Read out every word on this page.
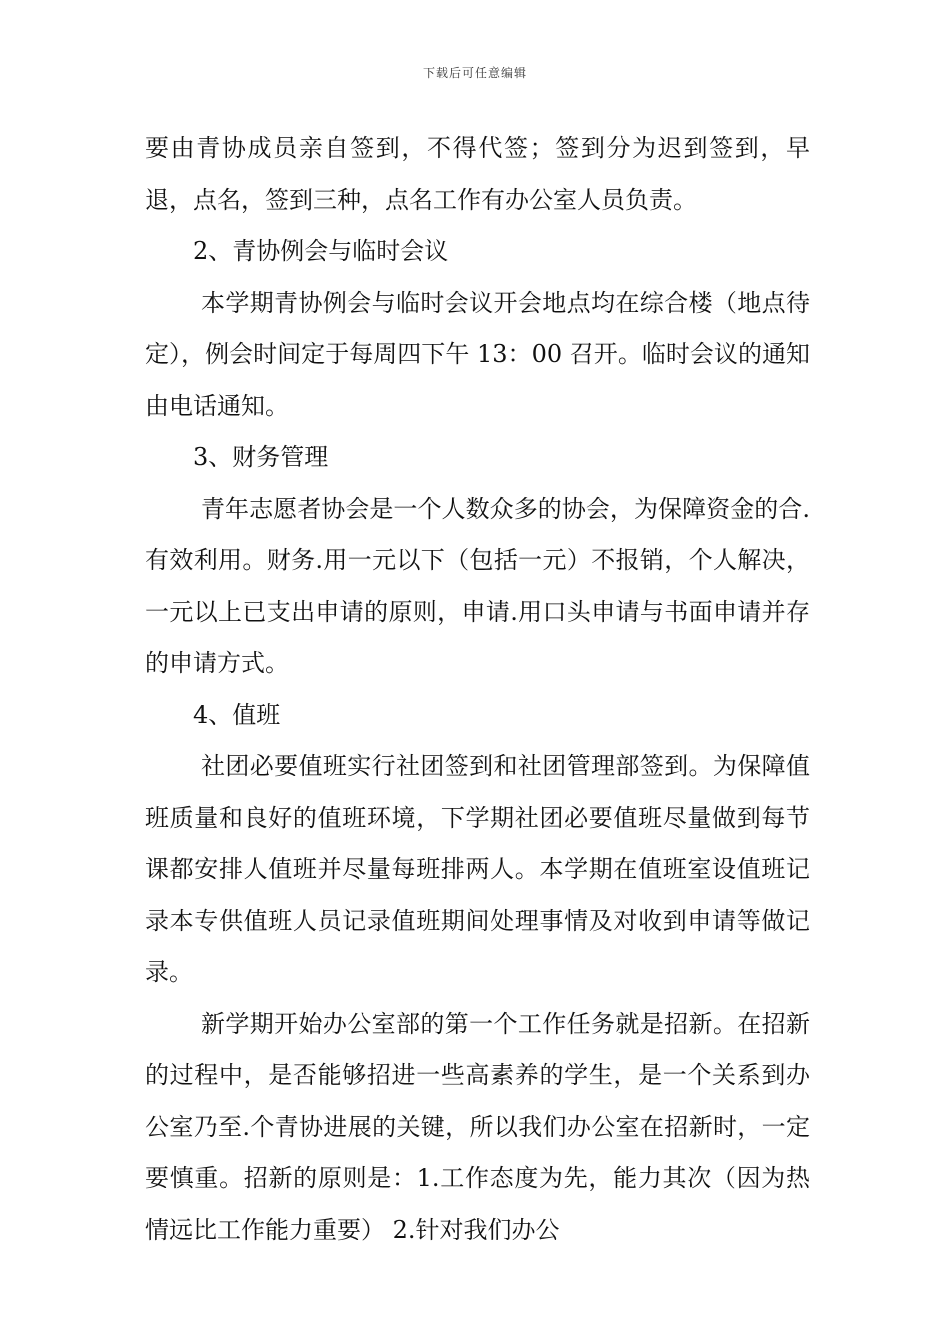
下载后可任意编辑

要由青协成员亲自签到，不得代签；签到分为迟到签到，早退，点名，签到三种，点名工作有办公室人员负责。

2、青协例会与临时会议

本学期青协例会与临时会议开会地点均在综合楼（地点待定），例会时间定于每周四下午 13：00 召开。临时会议的通知由电话通知。

3、财务管理

青年志愿者协会是一个人数众多的协会，为保障资金的合.有效利用。财务.用一元以下（包括一元）不报销，个人解决，一元以上已支出申请的原则，申请.用口头申请与书面申请并存的申请方式。

4、值班

社团必要值班实行社团签到和社团管理部签到。为保障值班质量和良好的值班环境，下学期社团必要值班尽量做到每节课都安排人值班并尽量每班排两人。本学期在值班室设值班记录本专供值班人员记录值班期间处理事情及对收到申请等做记录。

新学期开始办公室部的第一个工作任务就是招新。在招新的过程中，是否能够招进一些高素养的学生，是一个关系到办公室乃至.个青协进展的关键，所以我们办公室在招新时，一定要慎重。招新的原则是：1.工作态度为先，能力其次（因为热情远比工作能力重要） 2.针对我们办公
